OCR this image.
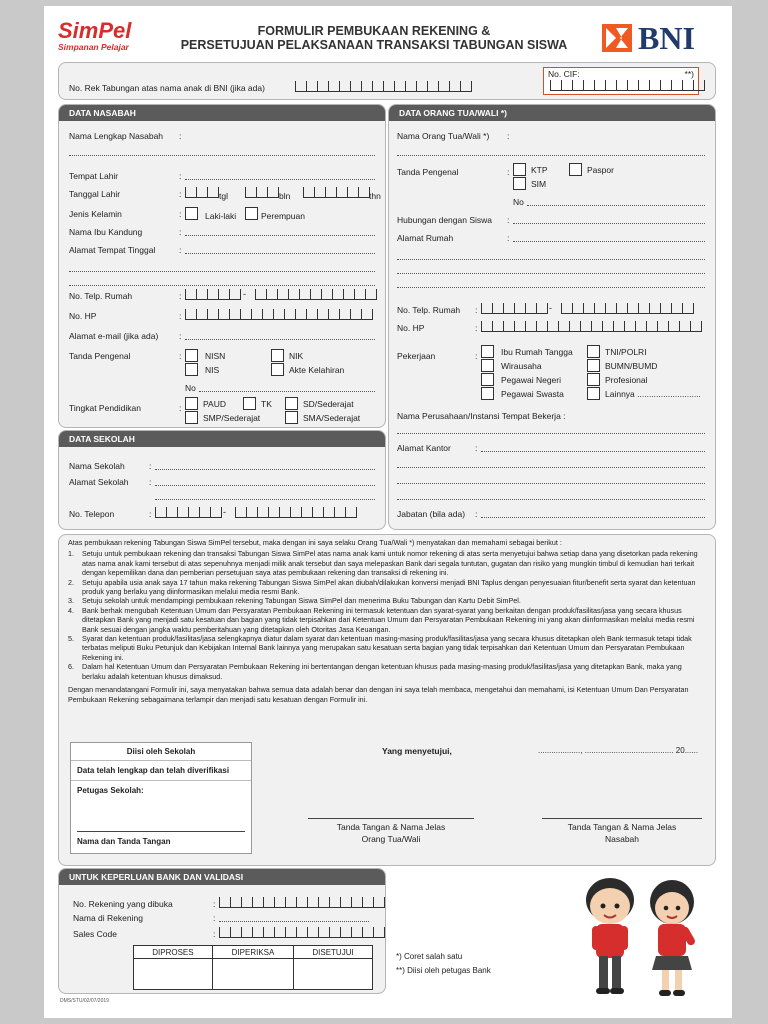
SimPel
Simpanan Pelajar
FORMULIR PEMBUKAAN REKENING &
PERSETUJUAN PELAKSANAAN TRANSAKSI TABUNGAN SISWA BNI
No. Rek Tabungan atas nama anak di BNI (jika ada)
No. CIF:	**)
DATA NASABAH
Nama Lengkap Nasabah :
Tempat Lahir	:
Tanggal Lahir	:	tgl	bln	thn
Jenis Kelamin	:	Laki-laki	Perempuan
Nama Ibu Kandung	:
Alamat Tempat Tinggal	:
No. Telp. Rumah	:	-
No. HP	:
Alamat e-mail (jika ada) :
Tanda Pengenal	:	NISN	NIK
NIS	Akte Kelahiran
No
Tingkat Pendidikan	:	PAUD	TK	SD/Sederajat
SMP/Sederajat	SMA/Sederajat
DATA SEKOLAH
Nama Sekolah	:
Alamat Sekolah :
No. Telepon	:	-
DATA ORANG TUA/WALI *)
Nama Orang Tua/Wali *) :
Tanda Pengenal	:	KTP	Paspor
SIM
No
Hubungan dengan Siswa :
Alamat Rumah	:
No. Telp. Rumah :	-
No. HP	:
Pekerjaan	:	Ibu Rumah Tangga	TNI/POLRI
Wirausaha	BUMN/BUMD
Pegawai Negeri	Profesional
Pegawai Swasta	Lainnya ...........................
Nama Perusahaan/Instansi Tempat Bekerja :
Alamat Kantor	:
Jabatan (bila ada) :
Atas pembukaan rekening Tabungan Siswa SimPel tersebut, maka dengan ini saya selaku Orang Tua/Wali *) menyatakan dan memahami sebagai berikut :
1.	Setuju untuk pembukaan rekening dan transaksi Tabungan Siswa SimPel atas nama anak kami untuk nomor rekening di atas serta menyetujui bahwa setiap dana yang disetorkan pada rekening atas nama anak kami tersebut di atas sepenuhnya menjadi milik anak tersebut dan saya melepaskan Bank dari segala tuntutan, gugatan dan risiko yang mungkin timbul di kemudian hari terkait dengan kepemilikan dana dan pemberian persetujuan saya atas pembukaan rekening dan transaksi di rekening ini.
2.	Setuju apabila usia anak saya 17 tahun maka rekening Tabungan Siswa SimPel akan diubah/dilakukan konversi menjadi BNI Taplus dengan penyesuaian fitur/benefit serta syarat dan ketentuan produk yang berlaku yang diinformasikan melalui media resmi Bank.
3.	Setuju sekolah untuk mendampingi pembukaan rekening Tabungan Siswa SimPel dan menerima Buku Tabungan dan Kartu Debit SimPel.
4.	Bank berhak mengubah Ketentuan Umum dan Persyaratan Pembukaan Rekening ini termasuk ketentuan dan syarat-syarat yang berkaitan dengan produk/fasilitas/jasa yang secara khusus ditetapkan Bank yang menjadi satu kesatuan dan bagian yang tidak terpisahkan dari Ketentuan Umum dan Persyaratan Pembukaan Rekening ini yang akan diinformasikan melalui media resmi Bank sesuai dengan jangka waktu pemberitahuan yang ditetapkan oleh Otoritas Jasa Keuangan.
5.	Syarat dan ketentuan produk/fasilitas/jasa selengkapnya diatur dalam syarat dan ketentuan masing-masing produk/fasilitas/jasa yang secara khusus ditetapkan oleh Bank termasuk tetapi tidak terbatas meliputi Buku Petunjuk dan Kebijakan Internal Bank lainnya yang merupakan satu kesatuan serta bagian yang tidak terpisahkan dari Ketentuan Umum dan Persyaratan Pembukaan Rekening ini.
6.	Dalam hal Ketentuan Umum dan Persyaratan Pembukaan Rekening ini bertentangan dengan ketentuan khusus pada masing-masing produk/fasilitas/jasa yang ditetapkan Bank, maka yang berlaku adalah ketentuan khusus dimaksud.
Dengan menandatangani Formulir ini, saya menyatakan bahwa semua data adalah benar dan dengan ini saya telah membaca, mengetahui dan memahami, isi Ketentuan Umum Dan Persyaratan Pembukaan Rekening sebagaimana terlampir dan menjadi satu kesatuan dengan Formulir ini.
Diisi oleh Sekolah
Data telah lengkap dan telah diverifikasi
Petugas Sekolah:
Nama dan Tanda Tangan
Yang menyetujui,	..................., ........................................ 20......
Tanda Tangan & Nama Jelas
Orang Tua/Wali
Tanda Tangan & Nama Jelas
Nasabah
UNTUK KEPERLUAN BANK DAN VALIDASI
No. Rekening yang dibuka	:
Nama di Rekening	:
Sales Code	:
DIPROSES	DIPERIKSA	DISETUJUI

DMS/STU/02/07/2019
*) Coret salah satu
**) Diisi oleh petugas Bank
